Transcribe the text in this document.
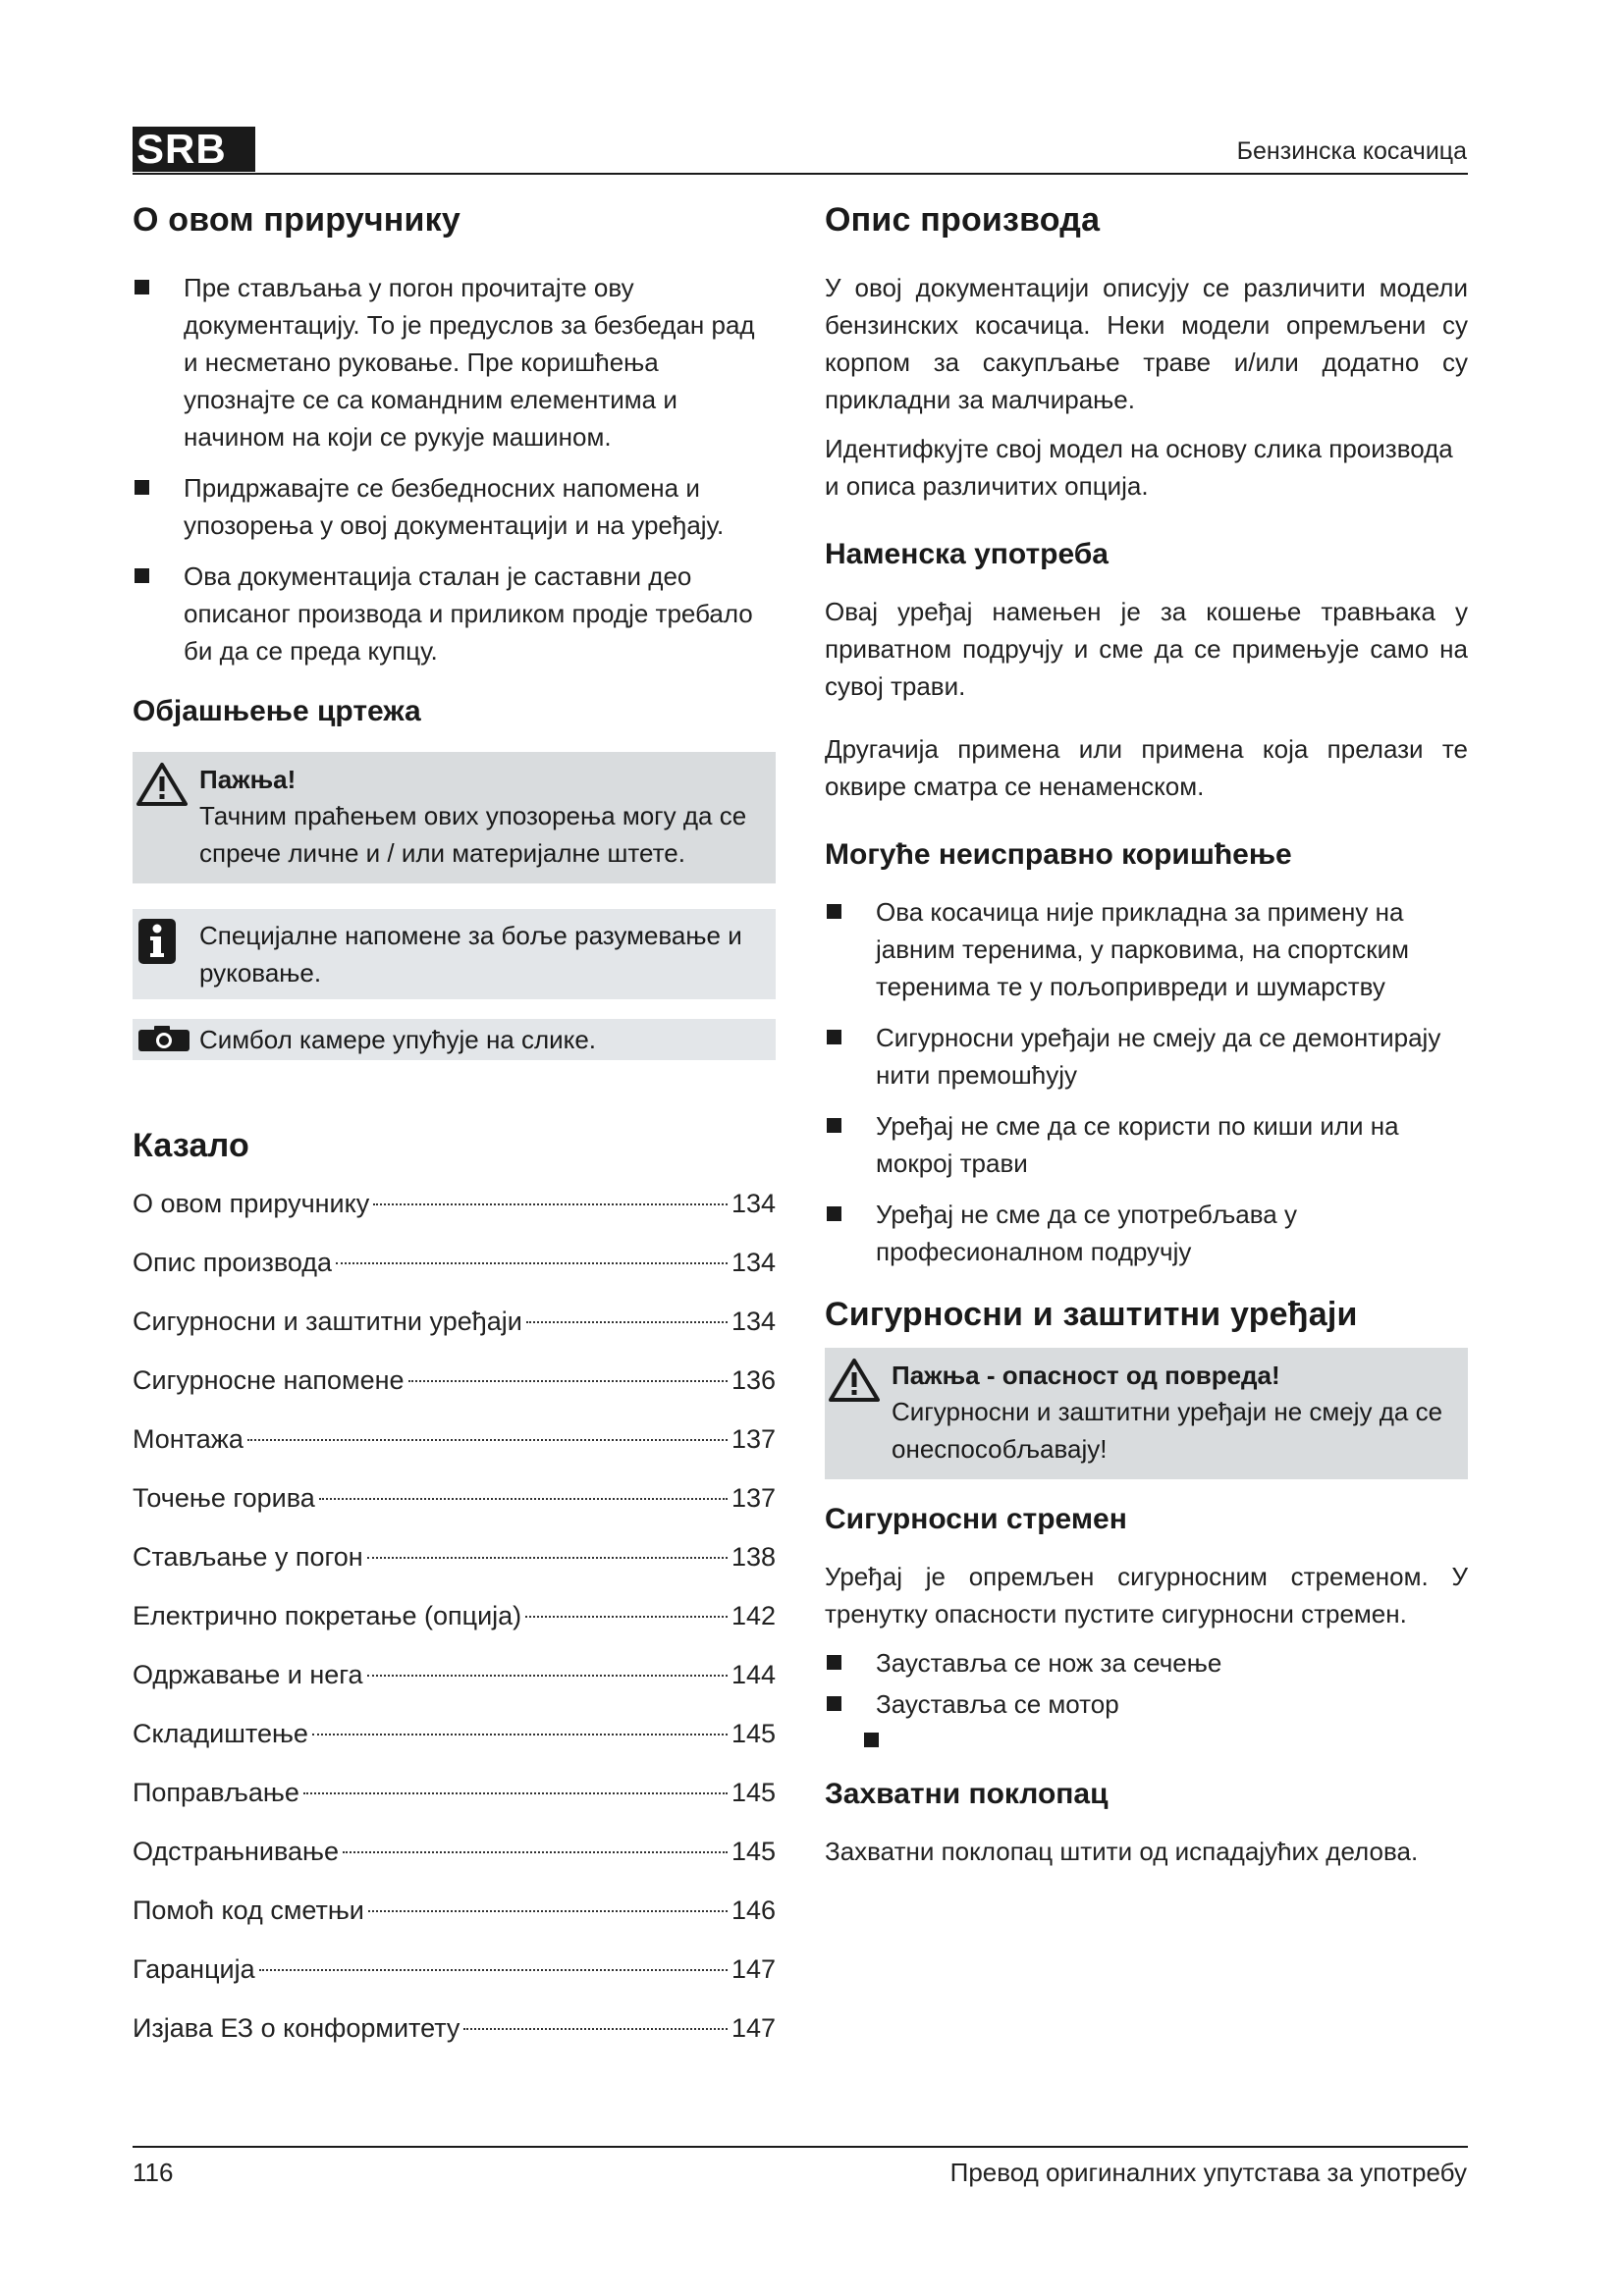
SRB	Бензинска косачица
О овом приручнику
Пре стављања у погон прочитајте ову документацију. То је предуслов за безбедан рад и несметано руковање. Пре коришћења упознајте се са командним елементима и начином на који се рукује машином.
Придржавајте се безбедносних напомена и упозорења у овој документацији и на уређају.
Ова документација сталан је саставни део описаног производа и приликом продје требало би да се преда купцу.
Објашњење цртежа
Пажња!
Тачним праћењем ових упозорења могу да се спрече личне и / или материјалне штете.
Специјалне напомене за боље разумевање и руковање.
Симбол камере упућује на слике.
Казало
О овом приручнику	134
Опис производа	134
Сигурносни и заштитни уређаји	134
Сигурносне напомене	136
Монтажа	137
Точење горива	137
Стављање у погон	138
Електрично покретање (опција)	142
Одржавање и нега	144
Складиштење	145
Поправљање	145
Одстрањнивање	145
Помоћ код сметњи	146
Гаранција	147
Изјава ЕЗ о конформитету	147
Опис производа

У овој документацији описују се различити модели бензинских косачица. Неки модели опремљени су корпом за сакупљање траве и/или додатно су прикладни за малчирање.

Идентифкујте свој модел на основу слика производа и описа различитих опција.

Наменска употреба

Овај уређај намењен је за кошење травњака у приватном подручју и сме да се примењује само на сувој трави.

Другачија примена или примена која прелази те оквире сматра се ненаменском.

Могуће неисправно коришћење
Ова косачица није прикладна за примену на јавним теренима, у парковима, на спортским теренима те у пољопривреди и шумарству
Сигурносни уређаји не смеју да се демонтирају нити премошћују
Уређај не сме да се користи по киши или на мокрој трави
Уређај не сме да се употребљава у професионалном подручју
Сигурносни и заштитни уређаји
Пажња - опасност од повреда!
Сигурносни и заштитни уређаји не смеју да се онеспособљавају!
Сигурносни стремен

Уређај је опремљен сигурносним стременом. У тренутку опасности пустите сигурносни стремен.

Зауставља се нож за сечење
Зауставља се мотор
Захватни поклопац

Захватни поклопац штити од испадајућих делова.

116	Превод оригиналних упутстава за употребу
